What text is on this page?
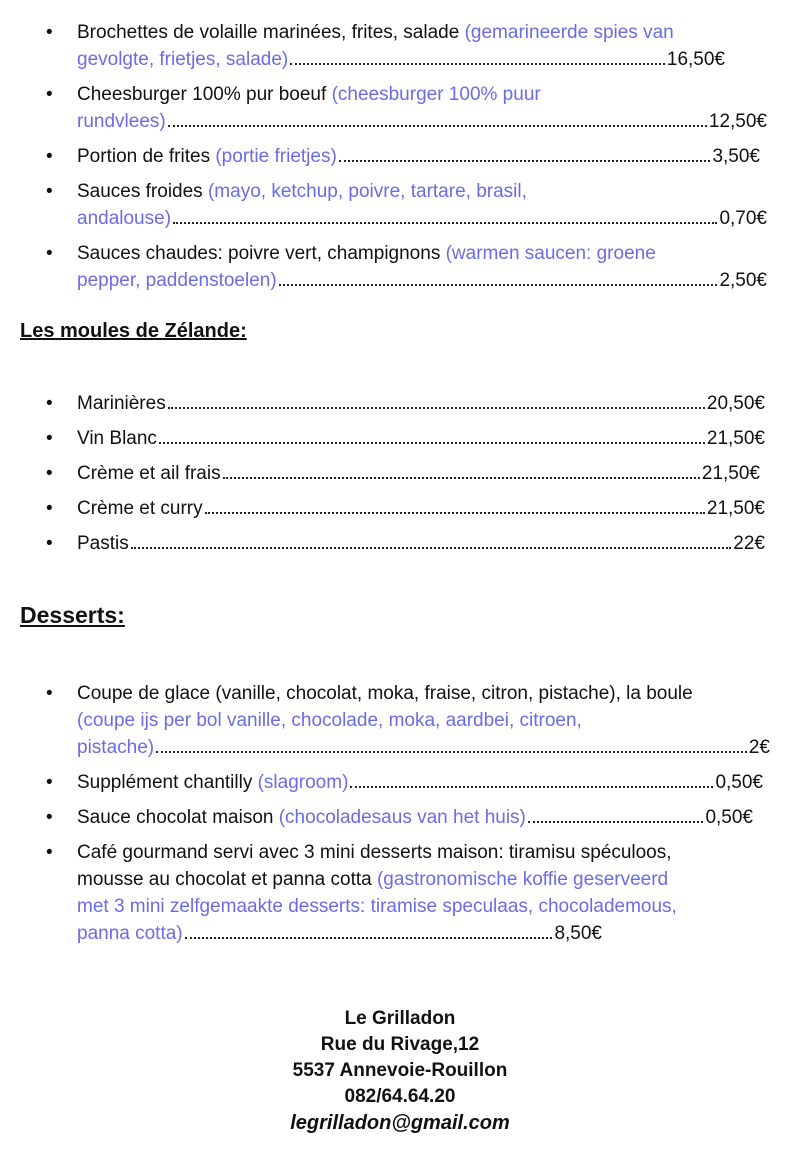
• Brochettes de volaille marinées, frites, salade (gemarineerde spies van
gevolgte, frietjes, salade)	16,50€
• Cheesburger 100% pur boeuf (cheesburger 100% puur
rundvlees)	12,50€
• Portion de frites
(portie frietjes)	3,50€
• Sauces froides (mayo, ketchup, poivre, tartare, brasil,
andalouse)	0,70€
• Sauces chaudes: poivre vert, champignons (warmen saucen: groene
pepper, paddenstoelen)	2,50€
Les moules de Zélande:
• Marinières	20,50€
• Vin Blanc	21,50€
• Crème et ail frais	21,50€
• Crème et curry	21,50€
• Pastis	22€
Desserts:
• Coupe de glace (vanille, chocolat, moka, fraise, citron, pistache), la boule
(coupe ijs per bol vanille, chocolade, moka, aardbei, citroen,
pistache)	2€
• Supplément chantilly
(slagroom)	0,50€
• Sauce chocolat maison
(chocoladesaus van het huis)	0,50€
• Café gourmand servi avec 3 mini desserts maison: tiramisu spéculoos,
mousse au chocolat et panna cotta (gastronomische koffie geserveerd
met 3 mini zelfgemaakte desserts: tiramise speculaas, chocolademous,
panna cotta)	8,50€
Le Grilladon
Rue du Rivage,12
5537 Annevoie-Rouillon
082/64.64.20
legrilladon@gmail.com
